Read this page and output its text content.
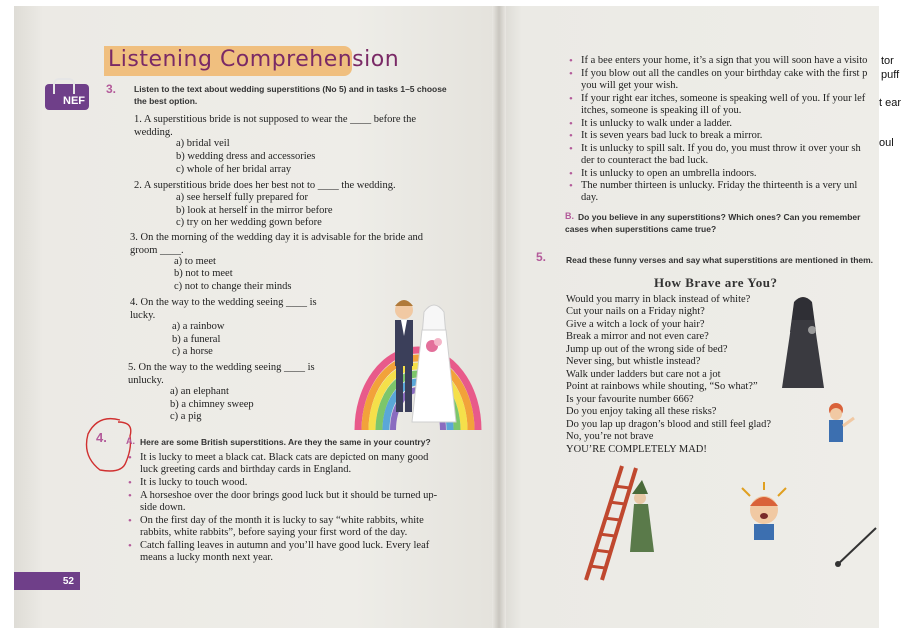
Listening Comprehension
NEF
3. Listen to the text about wedding superstitions (No 5) and in tasks 1–5 choose
the best option.
1. A superstitious bride is not supposed to wear the ____ before the
wedding.
a) bridal veil
b) wedding dress and accessories
c) whole of her bridal array
2. A superstitious bride does her best not to ____ the wedding.
a) see herself fully prepared for
b) look at herself in the mirror before
c) try on her wedding gown before
3. On the morning of the wedding day it is advisable for the bride and
groom ____.
a) to meet
b) not to meet
c) not to change their minds
4. On the way to the wedding seeing ____ is
lucky.
a) a rainbow
b) a funeral
c) a horse
5. On the way to the wedding seeing ____ is
unlucky.
a) an elephant
b) a chimney sweep
c) a pig
4. A. Here are some British superstitions. Are they the same in your country?
• It is lucky to meet a black cat. Black cats are depicted on many good
luck greeting cards and birthday cards in England.
• It is lucky to touch wood.
• A horseshoe over the door brings good luck but it should be turned up-
side down.
• On the first day of the month it is lucky to say “white rabbits, white
rabbits, white rabbits”, before saying your first word of the day.
• Catch falling leaves in autumn and you’ll have good luck. Every leaf
means a lucky month next year.
52
• If a bee enters your home, it’s a sign that you will soon have a visito
• If you blow out all the candles on your birthday cake with the first p
you will get your wish.
• If your right ear itches, someone is speaking well of you. If your lef
itches, someone is speaking ill of you.
• It is unlucky to walk under a ladder.
• It is seven years bad luck to break a mirror.
• It is unlucky to spill salt. If you do, you must throw it over your sh
der to counteract the bad luck.
• It is unlucky to open an umbrella indoors.
• The number thirteen is unlucky. Friday the thirteenth is a very unl
day.
tor
puff
t ear
oul
B. Do you believe in any superstitions? Which ones? Can you remember
cases when superstitions came true?
5. Read these funny verses and say what superstitions are mentioned in them.
How Brave are You?
Would you marry in black instead of white?
Cut your nails on a Friday night?
Give a witch a lock of your hair?
Break a mirror and not even care?
Jump up out of the wrong side of bed?
Never sing, but whistle instead?
Walk under ladders but care not a jot
Point at rainbows while shouting, “So what?”
Is your favourite number 666?
Do you enjoy taking all these risks?
Do you lap up dragon’s blood and still feel glad?
No, you’re not brave
YOU’RE COMPLETELY MAD!
